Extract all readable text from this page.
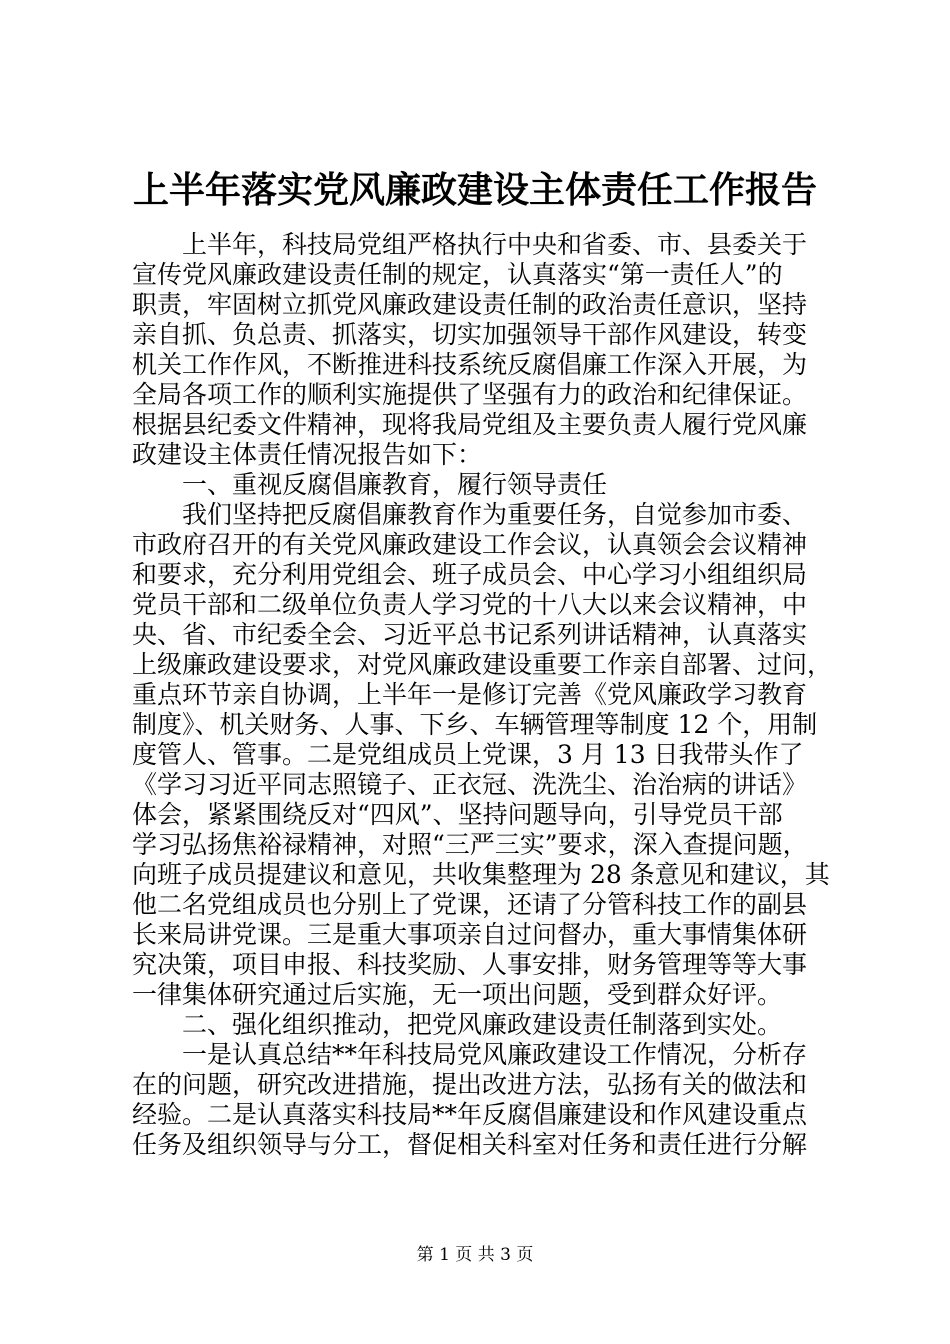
上半年落实党风廉政建设主体责任工作报告
上半年，科技局党组严格执行中央和省委、市、县委关于
宣传党风廉政建设责任制的规定，认真落实“第一责任人”的
职责，牢固树立抓党风廉政建设责任制的政治责任意识，坚持
亲自抓、负总责、抓落实，切实加强领导干部作风建设，转变
机关工作作风，不断推进科技系统反腐倡廉工作深入开展，为
全局各项工作的顺利实施提供了坚强有力的政治和纪律保证。
根据县纪委文件精神，现将我局党组及主要负责人履行党风廉
政建设主体责任情况报告如下：
一、重视反腐倡廉教育，履行领导责任
我们坚持把反腐倡廉教育作为重要任务，自觉参加市委、
市政府召开的有关党风廉政建设工作会议，认真领会会议精神
和要求，充分利用党组会、班子成员会、中心学习小组组织局
党员干部和二级单位负责人学习党的十八大以来会议精神，中
央、省、市纪委全会、习近平总书记系列讲话精神，认真落实
上级廉政建设要求，对党风廉政建设重要工作亲自部署、过问，
重点环节亲自协调，上半年一是修订完善《党风廉政学习教育
制度》、机关财务、人事、下乡、车辆管理等制度 12 个，用制
度管人、管事。二是党组成员上党课，3 月 13 日我带头作了
《学习习近平同志照镜子、正衣冠、洗洗尘、治治病的讲话》
体会，紧紧围绕反对“四风”、坚持问题导向，引导党员干部
学习弘扬焦裕禄精神，对照“三严三实”要求，深入查提问题，
向班子成员提建议和意见，共收集整理为 28 条意见和建议，其
他二名党组成员也分别上了党课，还请了分管科技工作的副县
长来局讲党课。三是重大事项亲自过问督办，重大事情集体研
究决策，项目申报、科技奖励、人事安排，财务管理等等大事
一律集体研究通过后实施，无一项出问题，受到群众好评。
二、强化组织推动，把党风廉政建设责任制落到实处。
一是认真总结**年科技局党风廉政建设工作情况，分析存
在的问题，研究改进措施，提出改进方法，弘扬有关的做法和
经验。二是认真落实科技局**年反腐倡廉建设和作风建设重点
任务及组织领导与分工，督促相关科室对任务和责任进行分解
第 1 页 共 3 页
